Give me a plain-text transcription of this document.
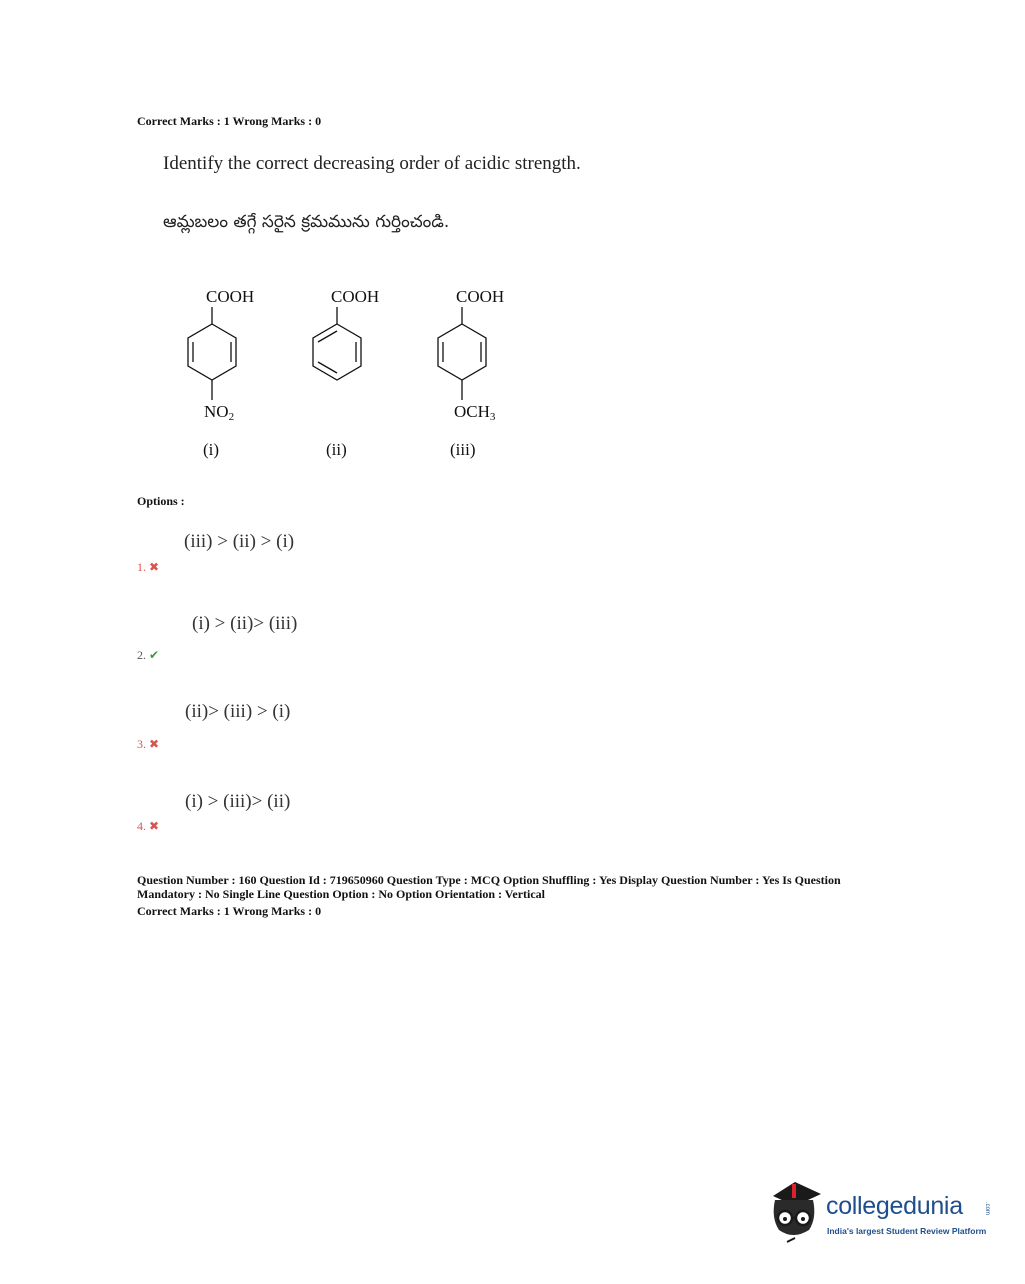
Correct Marks : 1 Wrong Marks : 0
Identify the correct decreasing order of acidic strength.
ఆమ్లబలం తగ్గే సరైన క్రమమును గుర్తించండి.
COOH
$NO_2$
(i)
COOH
(ii)
COOH
$OCH_3$
(iii)
Options :
(iii) > (ii) > (i)
1. ✖
(i) > (ii)> (iii)
2. ✔
(ii)> (iii) > (i)
3. ✖
(i) > (iii)> (ii)
4. ✖
Question Number : 160 Question Id : 719650960 Question Type : MCQ Option Shuffling : Yes Display Question Number : Yes Is Question
Mandatory : No Single Line Question Option : No Option Orientation : Vertical
Correct Marks : 1 Wrong Marks : 0
collegedunia	.com
India's largest Student Review Platform
